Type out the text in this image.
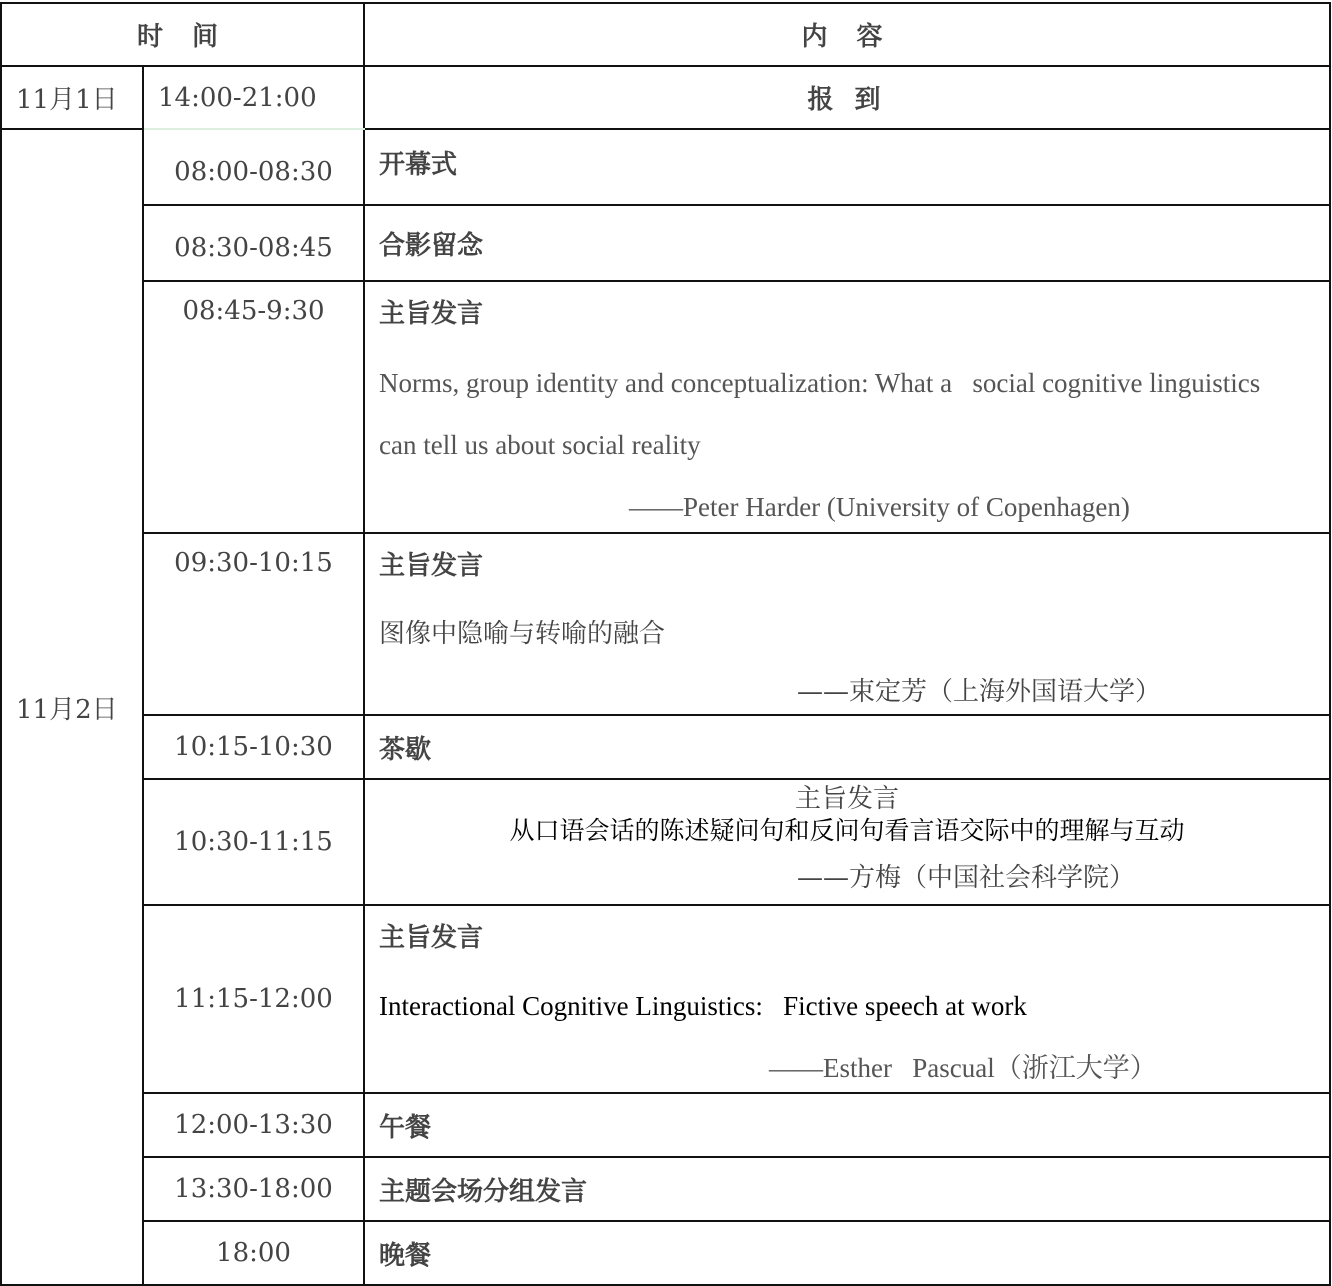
时 间		内 容
11月1日	14:00-21:00	报 到
11月2日	08:00-08:30	开幕式
	08:30-08:45	合影留念
	08:45-9:30	主旨发言
Norms, group identity and conceptualization: What a   social cognitive linguistics
can tell us about social reality
——Peter Harder (University of Copenhagen)

	09:30-10:15	主旨发言
图像中隐喻与转喻的融合
——束定芳（上海外国语大学）

	10:15-10:30	茶歇
	10:30-11:15	主旨发言
从口语会话的陈述疑问句和反问句看言语交际中的理解与互动
——方梅（中国社会科学院）

	11:15-12:00	主旨发言
Interactional Cognitive Linguistics:   Fictive speech at work
——Esther   Pascual（浙江大学）

	12:00-13:30	午餐
	13:30-18:00	主题会场分组发言
	18:00	晚餐
